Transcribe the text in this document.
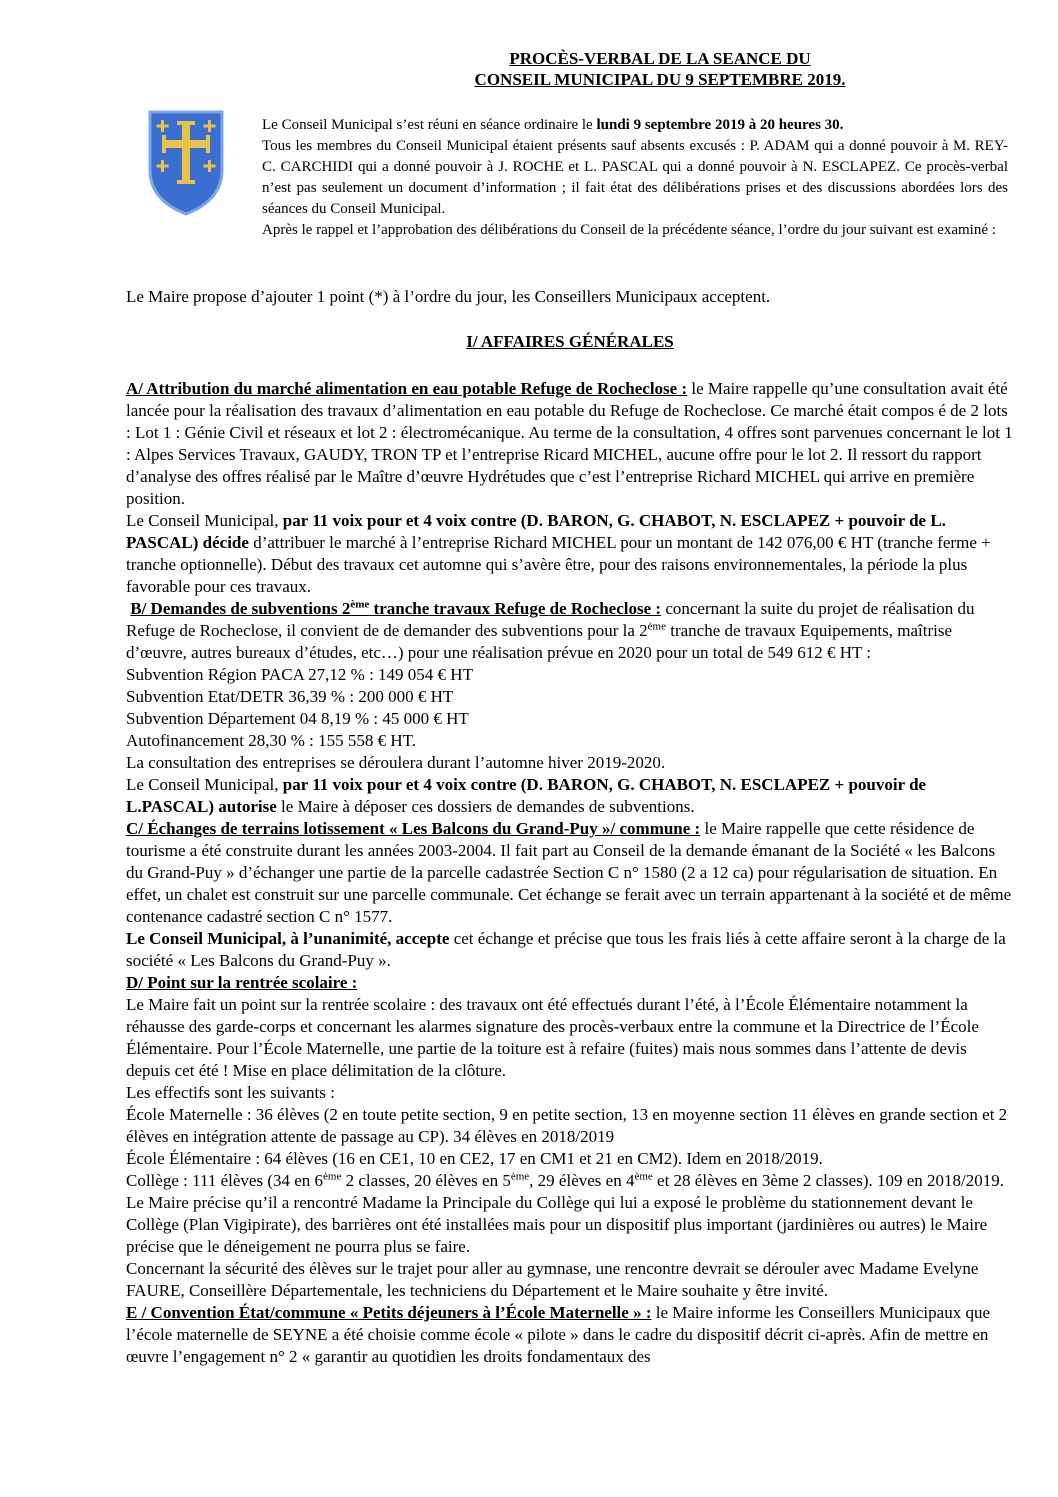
PROCÈS-VERBAL DE LA SEANCE DU
CONSEIL MUNICIPAL DU 9 SEPTEMBRE 2019.

Le Conseil Municipal s’est réuni en séance ordinaire le lundi 9 septembre 2019 à 20 heures 30.

Tous les membres du Conseil Municipal étaient présents sauf absents excusés : P. ADAM qui a donné pouvoir à M. REY- C. CARCHIDI qui a donné pouvoir à J. ROCHE et L. PASCAL qui a donné pouvoir à N. ESCLAPEZ. Ce procès-verbal n’est pas seulement un document d’information ; il fait état des délibérations prises et des discussions abordées lors des séances du Conseil Municipal.

Après le rappel et l’approbation des délibérations du Conseil de la précédente séance, l’ordre du jour suivant est examiné :

Le Maire propose d’ajouter 1 point (*) à l’ordre du jour, les Conseillers Municipaux acceptent.

I/ AFFAIRES GÉNÉRALES

A/ Attribution du marché alimentation en eau potable Refuge de Rocheclose : le Maire rappelle qu’une consultation avait été lancée pour la réalisation des travaux d’alimentation en eau potable du Refuge de Rocheclose. Ce marché était compos é de 2 lots : Lot 1 : Génie Civil et réseaux et lot 2 : électromécanique. Au terme de la consultation, 4 offres sont parvenues concernant le lot 1 : Alpes Services Travaux, GAUDY, TRON TP et l’entreprise Ricard MICHEL, aucune offre pour le lot 2. Il ressort du rapport d’analyse des offres réalisé par le Maître d’œuvre Hydrétudes que c’est l’entreprise Richard MICHEL qui arrive en première position.

Le Conseil Municipal, par 11 voix pour et 4 voix contre (D. BARON, G. CHABOT, N. ESCLAPEZ + pouvoir de L. PASCAL) décide d’attribuer le marché à l’entreprise Richard MICHEL pour un montant de 142 076,00 € HT (tranche ferme + tranche optionnelle). Début des travaux cet automne qui s’avère être, pour des raisons environnementales, la période la plus favorable pour ces travaux.

B/ Demandes de subventions 2ème tranche travaux Refuge de Rocheclose : concernant la suite du projet de réalisation du Refuge de Rocheclose, il convient de de demander des subventions pour la 2ème tranche de travaux Equipements, maîtrise d’œuvre, autres bureaux d’études, etc…) pour une réalisation prévue en 2020 pour un total de 549 612 € HT :

Subvention Région PACA 27,12 % : 149 054 € HT

Subvention Etat/DETR 36,39 % : 200 000 € HT

Subvention Département 04 8,19 % : 45 000 € HT

Autofinancement 28,30 % : 155 558 € HT.

La consultation des entreprises se déroulera durant l’automne hiver 2019-2020.

Le Conseil Municipal, par 11 voix pour et 4 voix contre (D. BARON, G. CHABOT, N. ESCLAPEZ + pouvoir de L.PASCAL) autorise le Maire à déposer ces dossiers de demandes de subventions.

C/ Échanges de terrains lotissement « Les Balcons du Grand-Puy »/ commune : le Maire rappelle que cette résidence de tourisme a été construite durant les années 2003-2004. Il fait part au Conseil de la demande émanant de la Société « les Balcons du Grand-Puy » d’échanger une partie de la parcelle cadastrée Section C n° 1580 (2 a 12 ca) pour régularisation de situation. En effet, un chalet est construit sur une parcelle communale. Cet échange se ferait avec un terrain appartenant à la société et de même contenance cadastré section C n° 1577.

Le Conseil Municipal, à l’unanimité, accepte cet échange et précise que tous les frais liés à cette affaire seront à la charge de la société « Les Balcons du Grand-Puy ».

D/ Point sur la rentrée scolaire :

Le Maire fait un point sur la rentrée scolaire : des travaux ont été effectués durant l’été, à l’École Élémentaire notamment la réhausse des garde-corps et concernant les alarmes signature des procès-verbaux entre la commune et la Directrice de l’École Élémentaire. Pour l’École Maternelle, une partie de la toiture est à refaire (fuites) mais nous sommes dans l’attente de devis depuis cet été ! Mise en place délimitation de la clôture.

Les effectifs sont les suivants :

École Maternelle : 36 élèves (2 en toute petite section, 9 en petite section, 13 en moyenne section 11 élèves en grande section et 2 élèves en intégration attente de passage au CP). 34 élèves en 2018/2019

École Élémentaire : 64 élèves (16 en CE1, 10 en CE2, 17 en CM1 et 21 en CM2). Idem en 2018/2019.

Collège : 111 élèves (34 en 6ème 2 classes, 20 élèves en 5ème, 29 élèves en 4ème et 28 élèves en 3ème 2 classes). 109 en 2018/2019. Le Maire précise qu’il a rencontré Madame la Principale du Collège qui lui a exposé le problème du stationnement devant le Collège (Plan Vigipirate), des barrières ont été installées mais pour un dispositif plus important (jardinières ou autres) le Maire précise que le déneigement ne pourra plus se faire.

Concernant la sécurité des élèves sur le trajet pour aller au gymnase, une rencontre devrait se dérouler avec Madame Evelyne FAURE, Conseillère Départementale, les techniciens du Département et le Maire souhaite y être invité.

E / Convention État/commune « Petits déjeuners à l’École Maternelle » : le Maire informe les Conseillers Municipaux que l’école maternelle de SEYNE a été choisie comme école « pilote » dans le cadre du dispositif décrit ci-après. Afin de mettre en œuvre l’engagement n° 2 « garantir au quotidien les droits fondamentaux des
